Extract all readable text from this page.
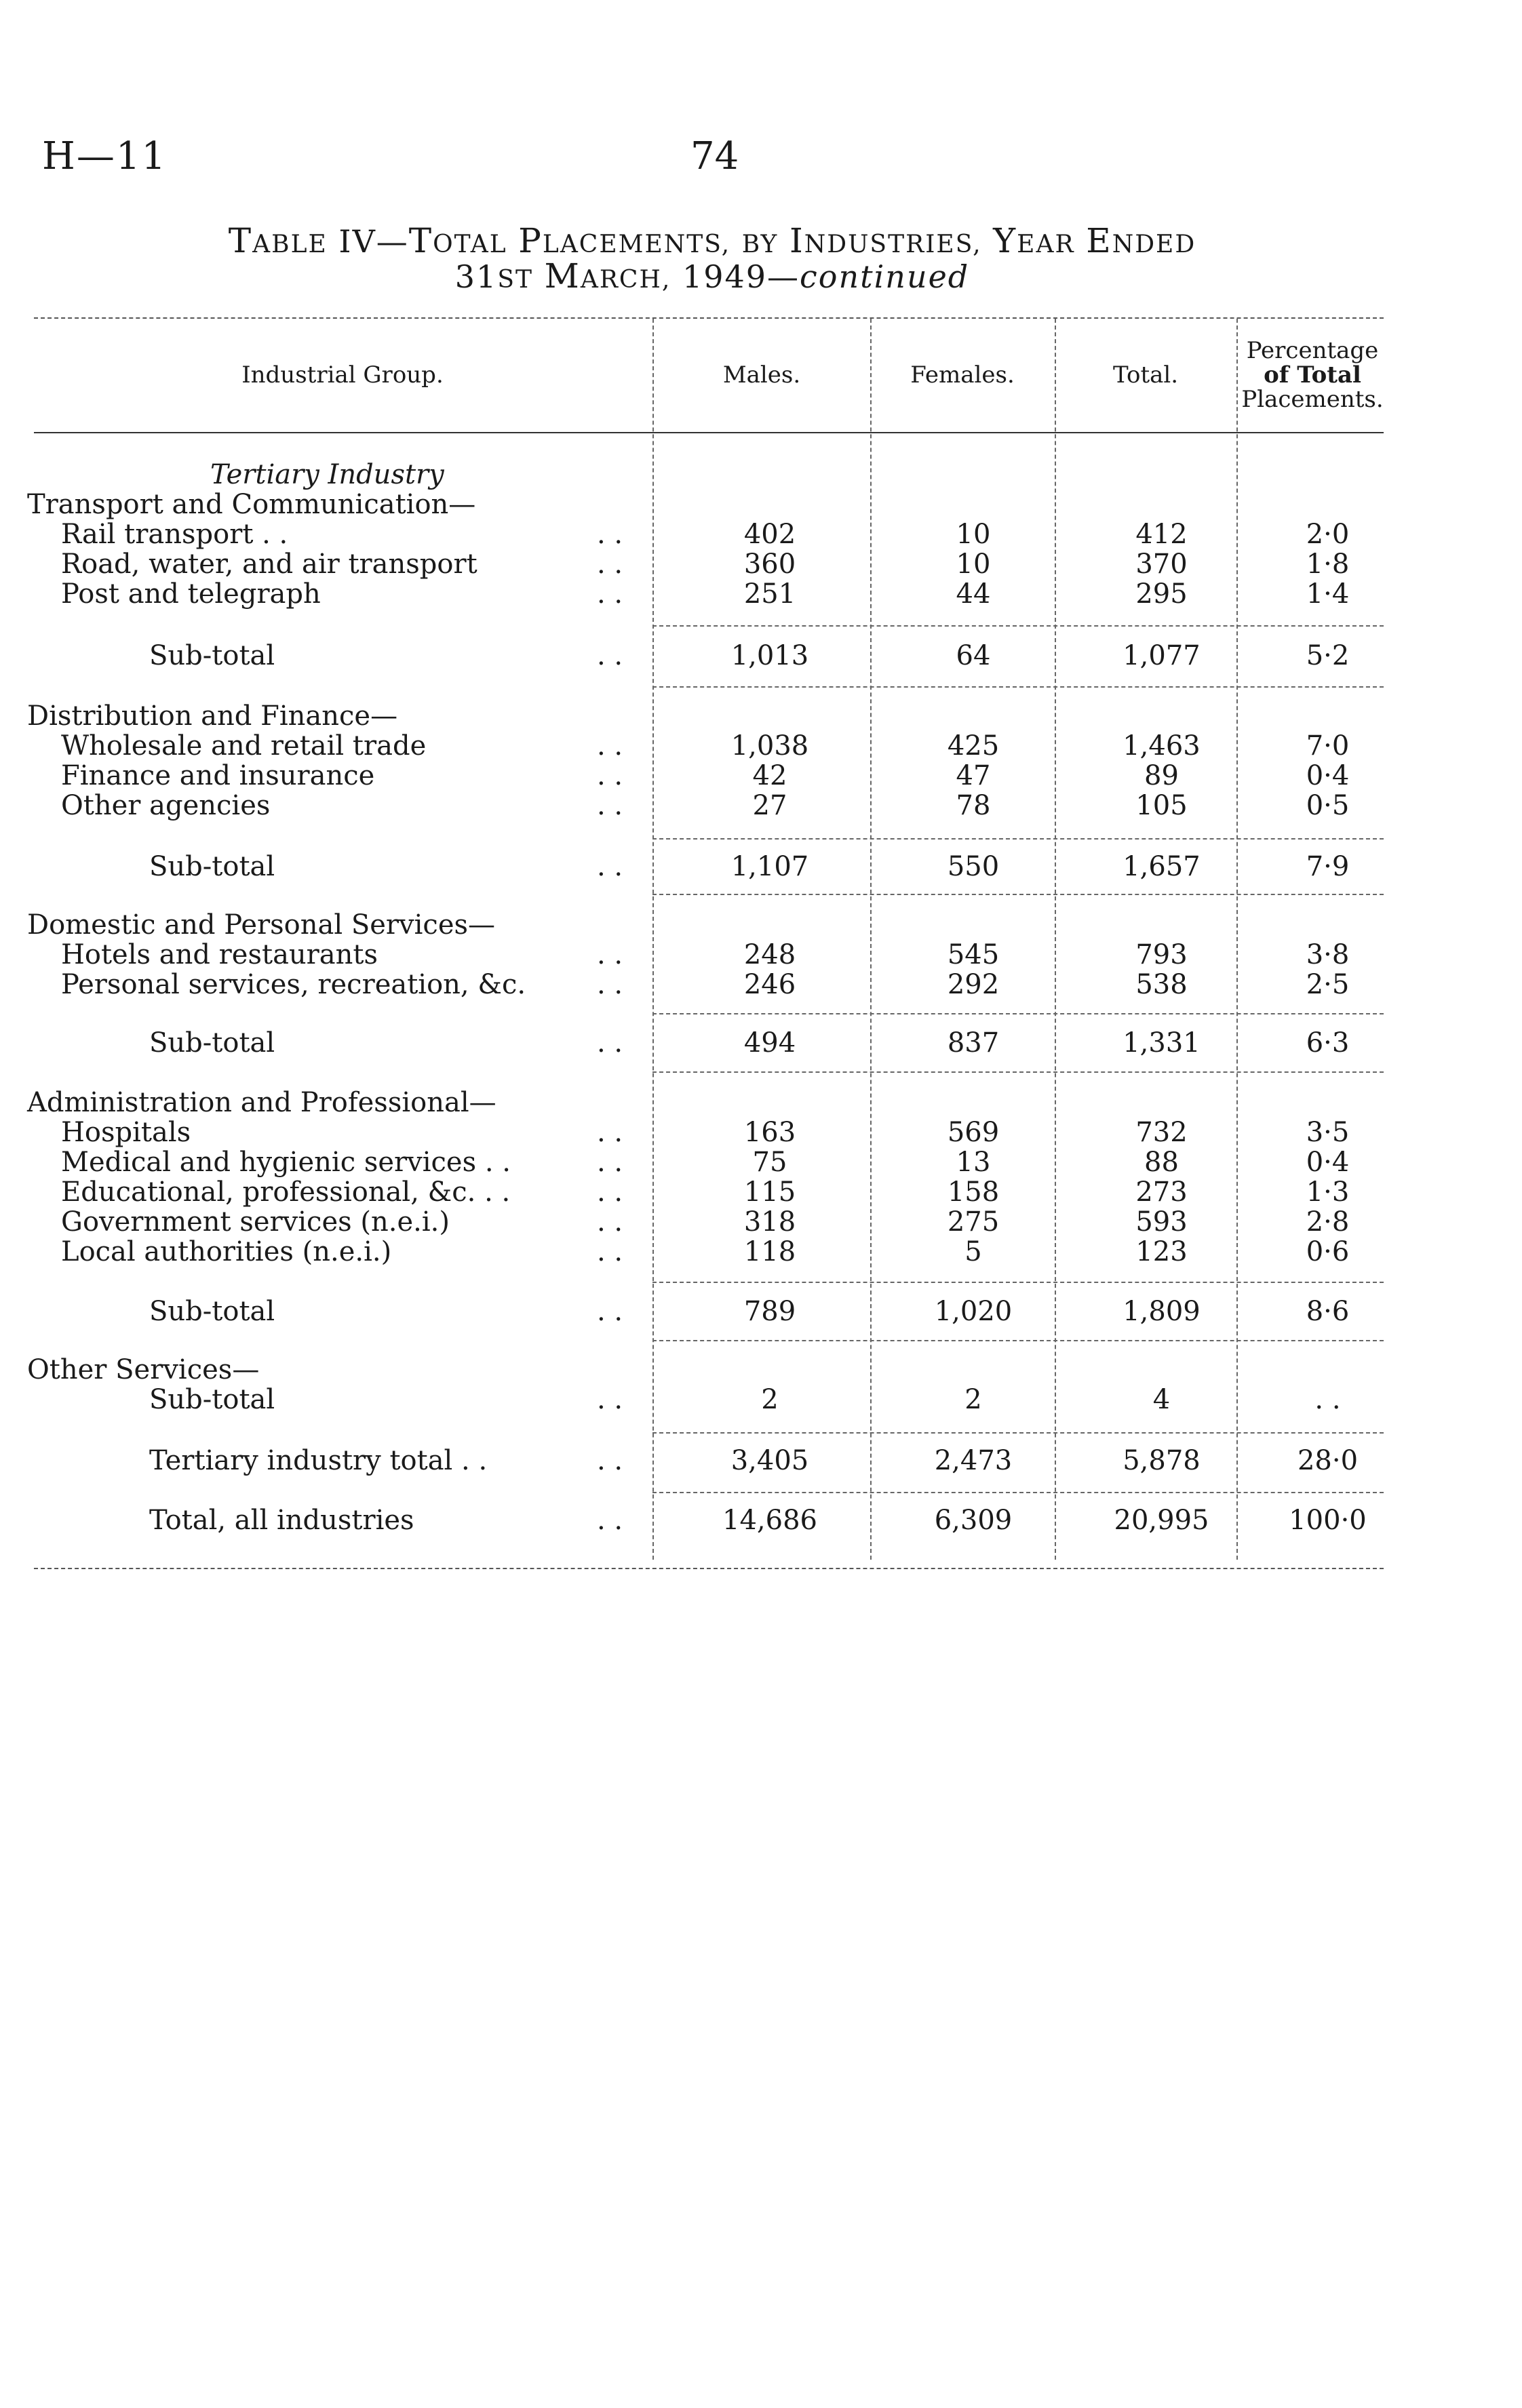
H—11	74
TABLE IV—TOTAL PLACEMENTS, BY INDUSTRIES, YEAR ENDED
31ST MARCH, 1949—continued
Industrial Group.	Males.	Females.	Total.
Percentage
of Total
Placements.
Tertiary Industry
Transport and Communication—
Rail transport . .	. .	402	10	412	2·0
Road, water, and air transport	. .	360	10	370	1·8
Post and telegraph	. .	251	44	295	1·4
Sub-total	. .	1,013	64	1,077	5·2
Distribution and Finance—
Wholesale and retail trade	. .	1,038	425	1,463	7·0
Finance and insurance	. .	42	47	89	0·4
Other agencies	. .	27	78	105	0·5
Sub-total	. .	1,107	550	1,657	7·9
Domestic and Personal Services—
Hotels and restaurants	. .	248	545	793	3·8
Personal services, recreation, &c.	. .	246	292	538	2·5
Sub-total	. .	494	837	1,331	6·3
Administration and Professional—
Hospitals	. .	163	569	732	3·5
Medical and hygienic services . .	. .	75	13	88	0·4
Educational, professional, &c. . .	. .	115	158	273	1·3
Government services (n.e.i.)	. .	318	275	593	2·8
Local authorities (n.e.i.)	. .	118	5	123	0·6
Sub-total	. .	789	1,020	1,809	8·6
Other Services—
Sub-total	. .	2	2	4	. .
Tertiary industry total . .	. .	3,405	2,473	5,878	28·0
Total, all industries	. .	14,686	6,309	20,995	100·0
